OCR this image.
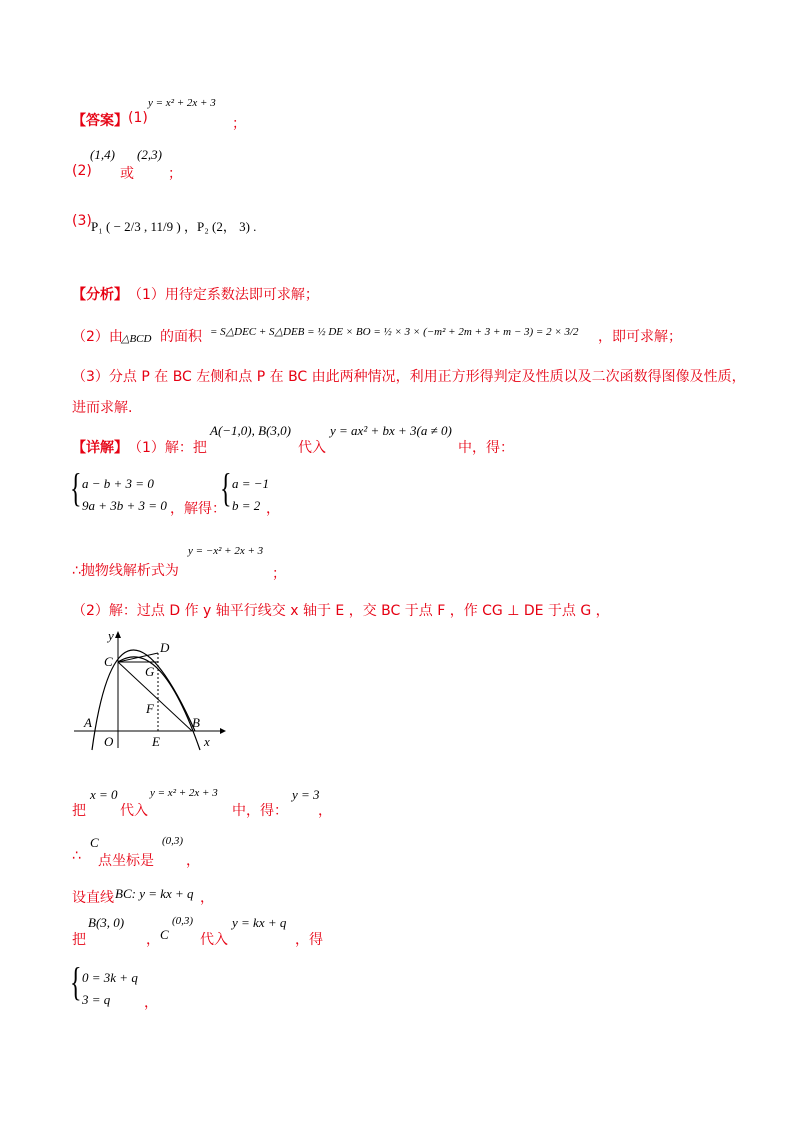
【答案】 (1)
y = x² + 2x + 3
；
(2)
(1,4)
或
(2,3)
；
(3) P₁ ( − 2/3 , 11/9 ) ，P₂ (2， 3) .
【分析】 （1）用待定系数法即可求解；
（2）由
△BCD 的面积 = S△DEC + S△DEB = ½ DE × BO = ½ × 3 × (−m² + 2m + 3 + m − 3) = 2 × 3/2 ，即可求解；
（3）分点 P 在 BC 左侧和点 P 在 BC 由此两种情况，利用正方形得判定及性质以及二次函数得图像及性质，
进而求解.
【详解】 （1）解：把
A(−1,0), B(3,0)
代入
y = ax² + bx + 3(a ≠ 0)
中，得：
{ a − b + 3 = 0
9a + 3b + 3 = 0 ，解得：
{ a = −1
b = 2 ，
∴抛物线解析式为
y = −x² + 2x + 3
；
（2）解：过点 D 作 y 轴平行线交 x 轴于 E ，交 BC 于点 F ，作 CG ⊥ DE 于点 G ，
y
x
C
D
G
F
A	B
O	E
把
x = 0
代入
y = x² + 2x + 3
中，得：
y = 3
，
∴
C
点坐标是
(0,3)
，
设直线 BC: y = kx + q ，
把
B(3, 0)
， C
(0,3)
代入
y = kx + q
，得
{ 0 = 3k + q
3 = q ，
